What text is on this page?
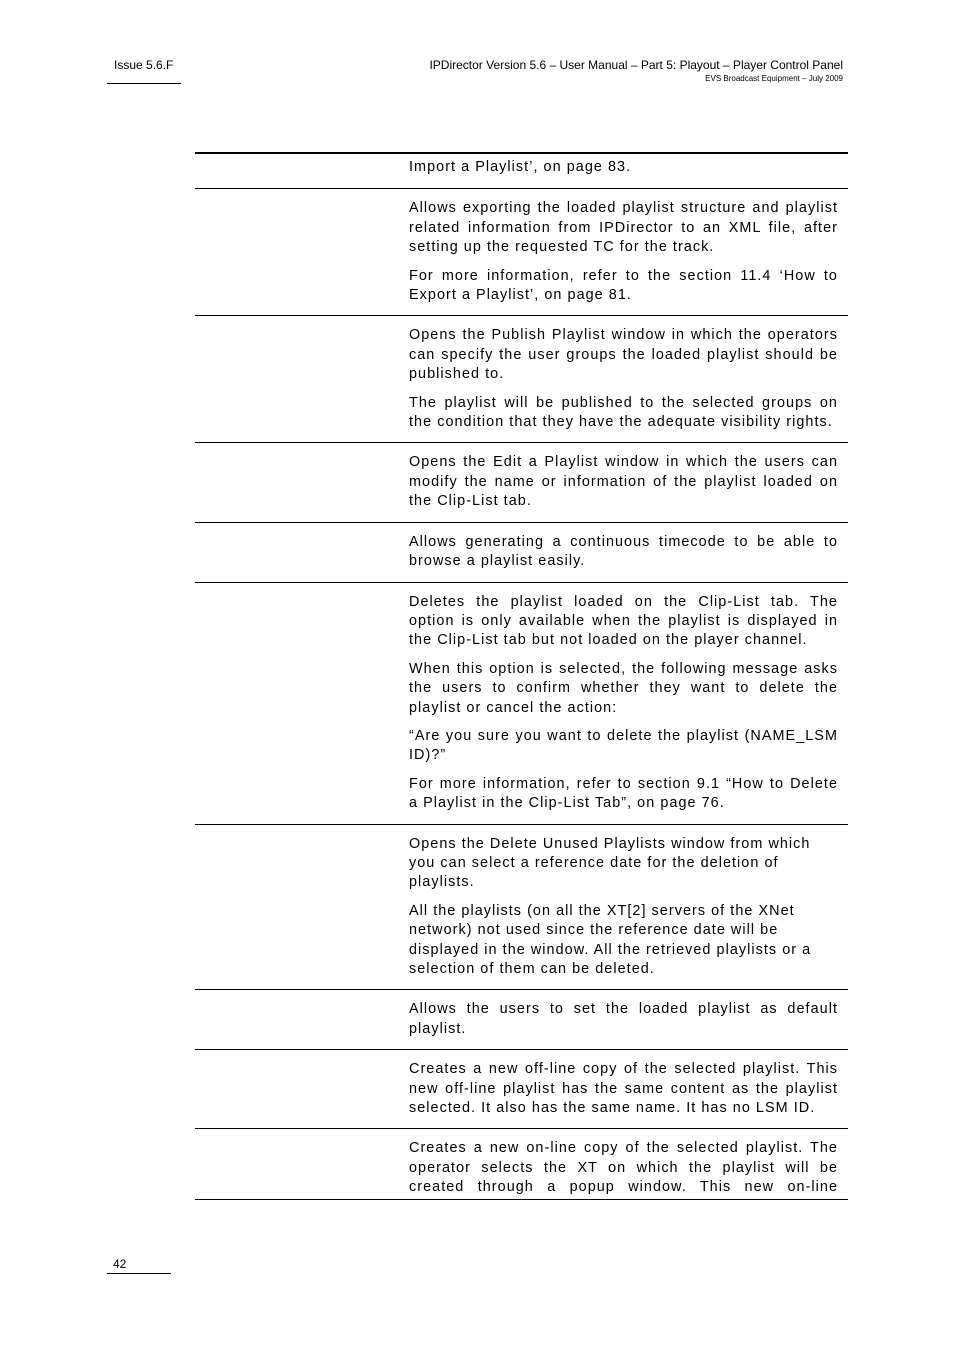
Issue 5.6.F	IPDirector Version 5.6 – User Manual – Part 5: Playout – Player Control Panel
EVS Broadcast Equipment – July 2009

Import a Playlist’, on page 83.

Allows exporting the loaded playlist structure and playlist related information from IPDirector to an XML file, after setting up the requested TC for the track.

For more information, refer to the section 11.4 ‘How to Export a Playlist’, on page 81.

Opens the Publish Playlist window in which the operators can specify the user groups the loaded playlist should be published to.

The playlist will be published to the selected groups on the condition that they have the adequate visibility rights.

Opens the Edit a Playlist window in which the users can modify the name or information of the playlist loaded on the Clip-List tab.

Allows generating a continuous timecode to be able to browse a playlist easily.

Deletes the playlist loaded on the Clip-List tab. The option is only available when the playlist is displayed in the Clip-List tab but not loaded on the player channel.

When this option is selected, the following message asks the users to confirm whether they want to delete the playlist or cancel the action:

“Are you sure you want to delete the playlist (NAME_LSM ID)?”

For more information, refer to section 9.1 “How to Delete a Playlist in the Clip-List Tab”, on page 76.

Opens the Delete Unused Playlists window from which you can select a reference date for the deletion of playlists.

All the playlists (on all the XT[2] servers of the XNet network) not used since the reference date will be displayed in the window. All the retrieved playlists or a selection of them can be deleted.

Allows the users to set the loaded playlist as default playlist.

Creates a new off-line copy of the selected playlist. This new off-line playlist has the same content as the playlist selected. It also has the same name. It has no LSM ID.

Creates a new on-line copy of the selected playlist. The operator selects the XT on which the playlist will be created through a popup window. This new on-line

42
